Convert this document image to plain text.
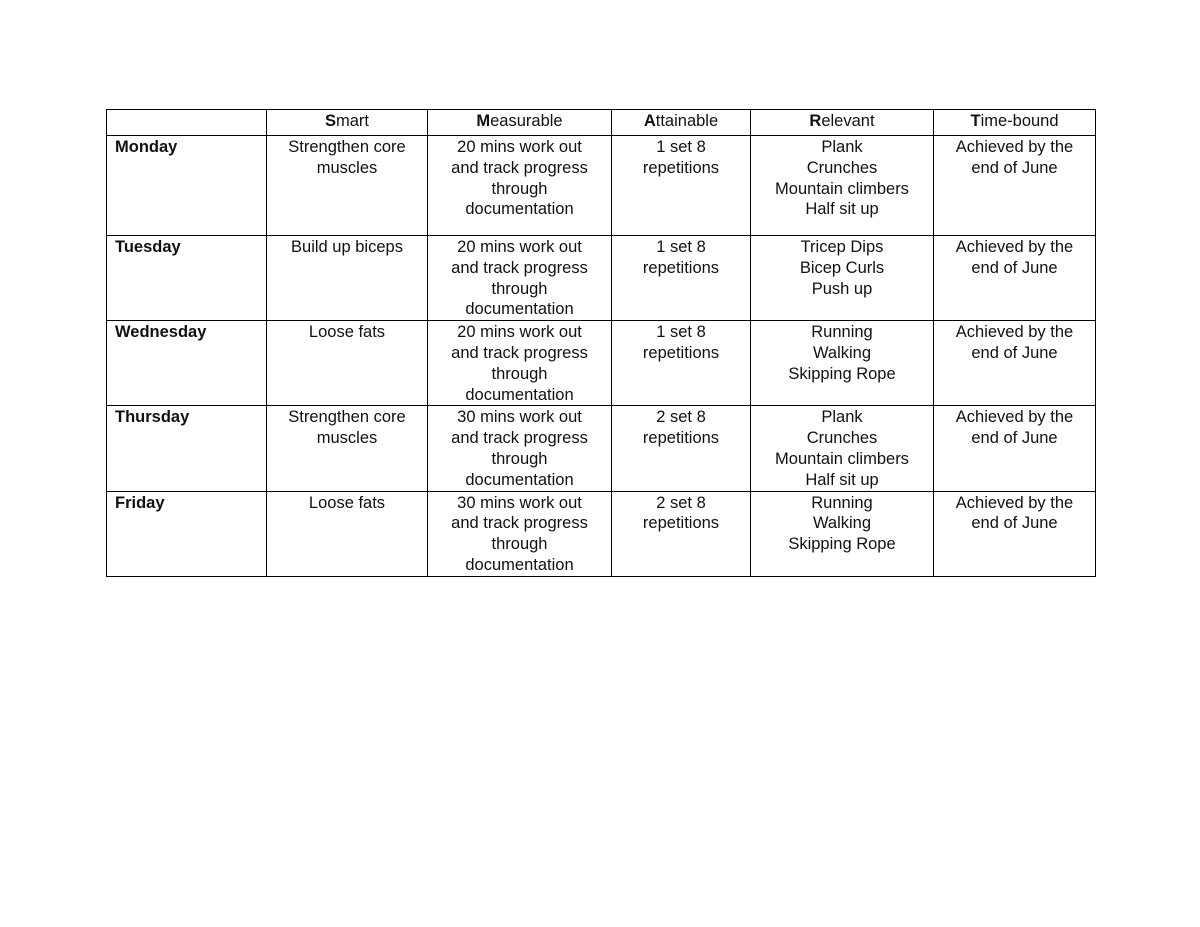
	Smart	Measurable	Attainable	Relevant	Time-bound
Monday	Strengthen core
muscles	20 mins work out
and track progress
through
documentation	1 set 8
repetitions	Plank
Crunches
Mountain climbers
Half sit up	Achieved by the
end of June

Tuesday	Build up biceps	20 mins work out
and track progress
through
documentation	1 set 8
repetitions	Tricep Dips
Bicep Curls
Push up	Achieved by the
end of June

Wednesday	Loose fats	20 mins work out
and track progress
through
documentation	1 set 8
repetitions	Running
Walking
Skipping Rope	Achieved by the
end of June

Thursday	Strengthen core
muscles	30 mins work out
and track progress
through
documentation	2 set 8
repetitions	Plank
Crunches
Mountain climbers
Half sit up	Achieved by the
end of June

Friday	Loose fats	30 mins work out
and track progress
through
documentation	2 set 8
repetitions	Running
Walking
Skipping Rope	Achieved by the
end of June
